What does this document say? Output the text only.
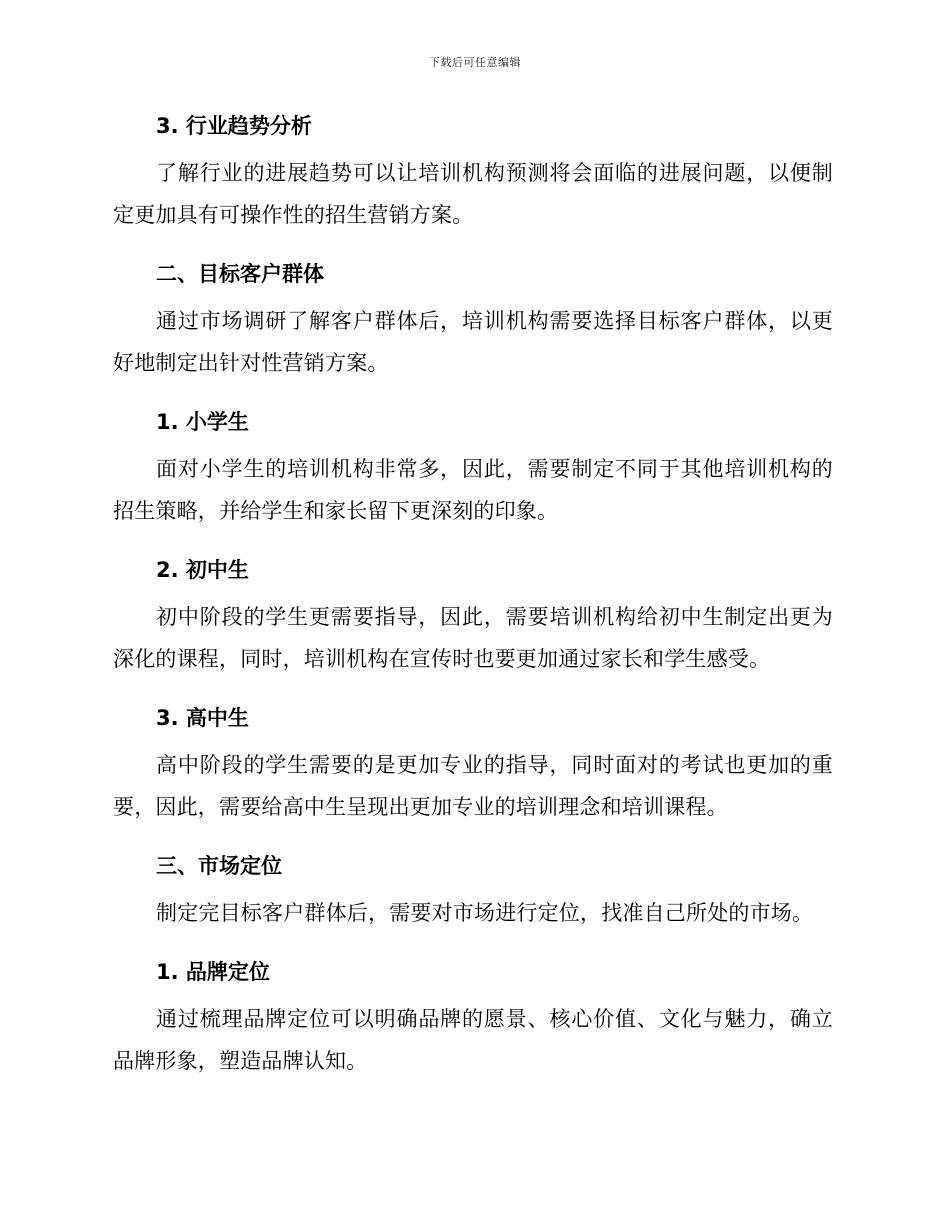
下载后可任意编辑
3. 行业趋势分析

了解行业的进展趋势可以让培训机构预测将会面临的进展问题，以便制定更加具有可操作性的招生营销方案。

二、目标客户群体

通过市场调研了解客户群体后，培训机构需要选择目标客户群体，以更好地制定出针对性营销方案。

1. 小学生

面对小学生的培训机构非常多，因此，需要制定不同于其他培训机构的招生策略，并给学生和家长留下更深刻的印象。

2. 初中生

初中阶段的学生更需要指导，因此，需要培训机构给初中生制定出更为深化的课程，同时，培训机构在宣传时也要更加通过家长和学生感受。

3. 高中生

高中阶段的学生需要的是更加专业的指导，同时面对的考试也更加的重要，因此，需要给高中生呈现出更加专业的培训理念和培训课程。

三、市场定位

制定完目标客户群体后，需要对市场进行定位，找准自己所处的市场。

1. 品牌定位

通过梳理品牌定位可以明确品牌的愿景、核心价值、文化与魅力，确立品牌形象，塑造品牌认知。
